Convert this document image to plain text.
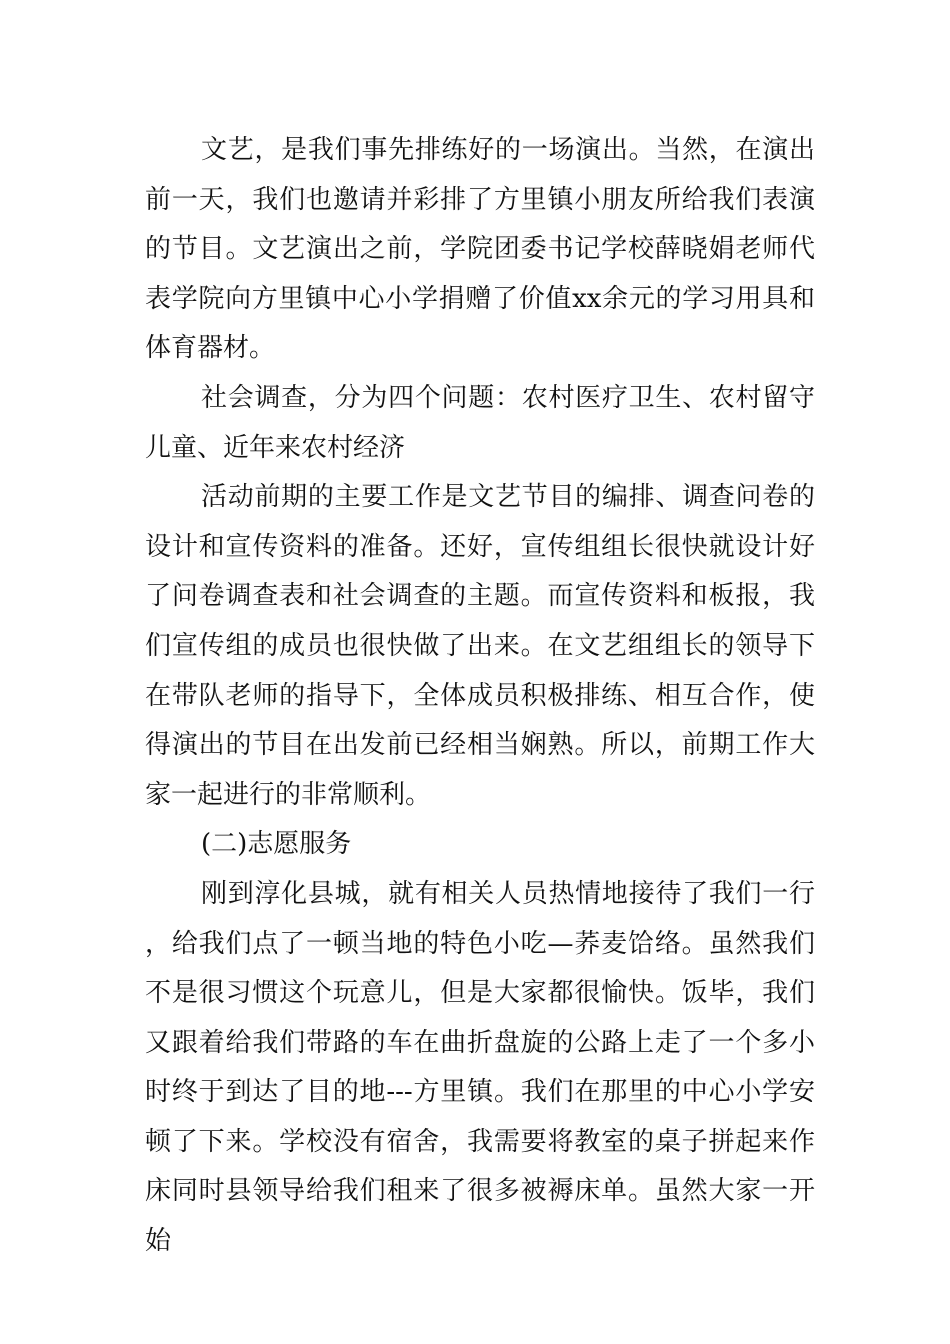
文艺，是我们事先排练好的一场演出。当然，在演出前一天，我们也邀请并彩排了方里镇小朋友所给我们表演的节目。文艺演出之前，学院团委书记学校薛晓娟老师代表学院向方里镇中心小学捐赠了价值xx余元的学习用具和体育器材。

社会调查，分为四个问题：农村医疗卫生、农村留守儿童、近年来农村经济

活动前期的主要工作是文艺节目的编排、调查问卷的设计和宣传资料的准备。还好，宣传组组长很快就设计好了问卷调查表和社会调查的主题。而宣传资料和板报，我们宣传组的成员也很快做了出来。在文艺组组长的领导下在带队老师的指导下，全体成员积极排练、相互合作，使得演出的节目在出发前已经相当娴熟。所以，前期工作大家一起进行的非常顺利。

(二)志愿服务

刚到淳化县城，就有相关人员热情地接待了我们一行，给我们点了一顿当地的特色小吃—荞麦饸络。虽然我们不是很习惯这个玩意儿，但是大家都很愉快。饭毕，我们又跟着给我们带路的车在曲折盘旋的公路上走了一个多小时终于到达了目的地---方里镇。我们在那里的中心小学安顿了下来。学校没有宿舍，我需要将教室的桌子拼起来作床同时县领导给我们租来了很多被褥床单。虽然大家一开始
